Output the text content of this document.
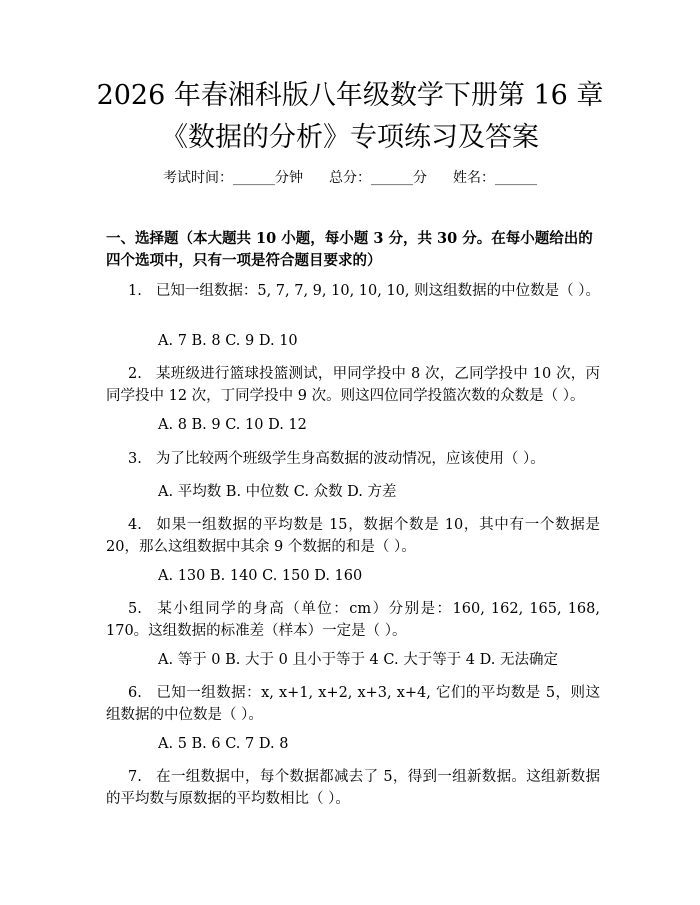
2026 年春湘科版八年级数学下册第 16 章
《数据的分析》专项练习及答案
考试时间：______分钟 总分：______分 姓名：______

一、选择题（本大题共 10 小题，每小题 3 分，共 30 分。在每小题给出的四个选项中，只有一项是符合题目要求的）

1. 已知一组数据：5, 7, 7, 9, 10, 10, 10, 则这组数据的中位数是（ ）。

A. 7 B. 8 C. 9 D. 10

2. 某班级进行篮球投篮测试，甲同学投中 8 次，乙同学投中 10 次，丙同学投中 12 次，丁同学投中 9 次。则这四位同学投篮次数的众数是（ ）。

A. 8 B. 9 C. 10 D. 12

3. 为了比较两个班级学生身高数据的波动情况，应该使用（ ）。

A. 平均数 B. 中位数 C. 众数 D. 方差

4. 如果一组数据的平均数是 15，数据个数是 10，其中有一个数据是 20，那么这组数据中其余 9 个数据的和是（ ）。

A. 130 B. 140 C. 150 D. 160

5. 某小组同学的身高（单位：cm）分别是：160, 162, 165, 168, 170。这组数据的标准差（样本）一定是（ ）。

A. 等于 0 B. 大于 0 且小于等于 4 C. 大于等于 4 D. 无法确定

6. 已知一组数据：x, x+1, x+2, x+3, x+4, 它们的平均数是 5，则这组数据的中位数是（ ）。

A. 5 B. 6 C. 7 D. 8

7. 在一组数据中，每个数据都减去了 5，得到一组新数据。这组新数据的平均数与原数据的平均数相比（ ）。
